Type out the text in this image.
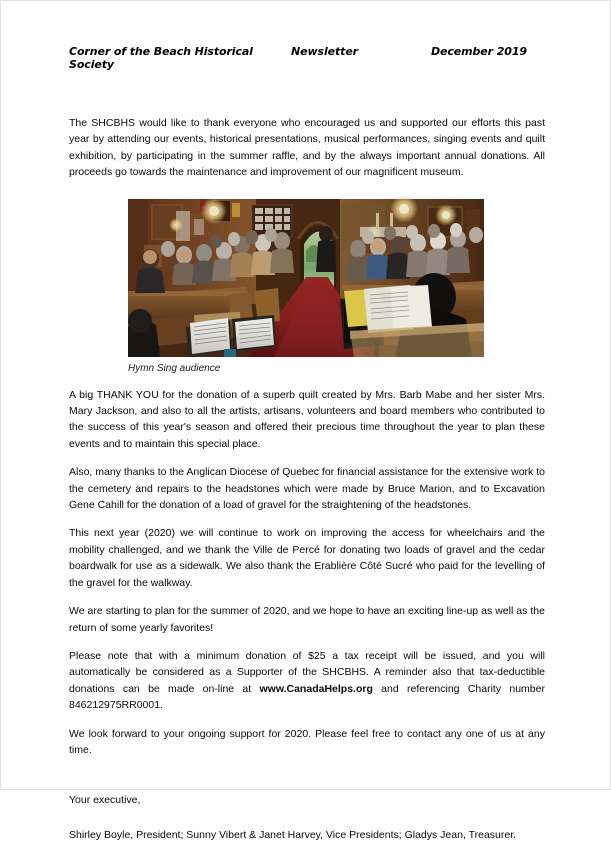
Corner of the Beach Historical Society
Newsletter	December 2019

The SHCBHS would like to thank everyone who encouraged us and supported our efforts this past year by attending our events, historical presentations, musical performances, singing events and quilt exhibition, by participating in the summer raffle, and by the always important annual donations. All proceeds go towards the maintenance and improvement of our magnificent museum.

Hymn Sing audience

A big THANK YOU for the donation of a superb quilt created by Mrs. Barb Mabe and her sister Mrs. Mary Jackson, and also to all the artists, artisans, volunteers and board members who contributed to the success of this year's season and offered their precious time throughout the year to plan these events and to maintain this special place.

Also, many thanks to the Anglican Diocese of Quebec for financial assistance for the extensive work to the cemetery and repairs to the headstones which were made by Bruce Marion, and to Excavation Gene Cahill for the donation of a load of gravel for the straightening of the headstones.

This next year (2020) we will continue to work on improving the access for wheelchairs and the mobility challenged, and we thank the Ville de Percé for donating two loads of gravel and the cedar boardwalk for use as a sidewalk. We also thank the Erablière Côté Sucré who paid for the levelling of the gravel for the walkway.

We are starting to plan for the summer of 2020, and we hope to have an exciting line-up as well as the return of some yearly favorites!

Please note that with a minimum donation of $25 a tax receipt will be issued, and you will automatically be considered as a Supporter of the SHCBHS. A reminder also that tax-deductible donations can be made on-line at www.CanadaHelps.org and referencing Charity number 846212975RR0001.

We look forward to your ongoing support for 2020. Please feel free to contact any one of us at any time.

Your executive,

Shirley Boyle, President; Sunny Vibert & Janet Harvey, Vice Presidents; Gladys Jean, Treasurer.
